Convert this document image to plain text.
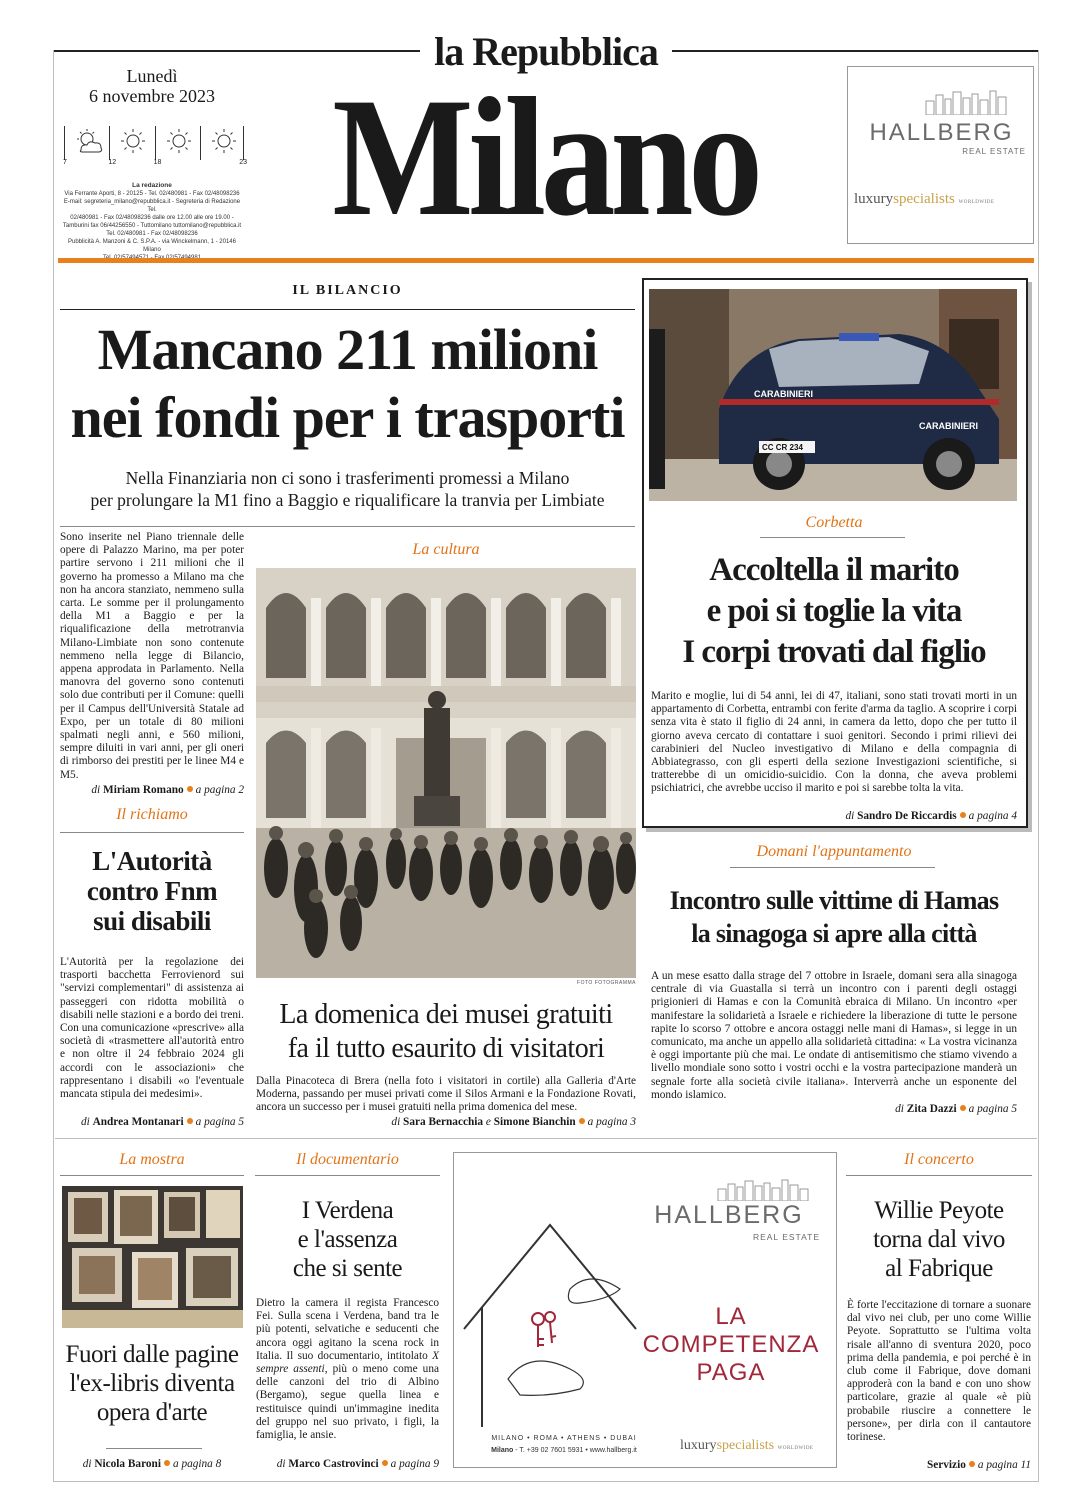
la Repubblica
Milano
Lunedì
6 novembre 2023
7	12	18	23
La redazione
Via Ferrante Aporti, 8 - 20125 - Tel. 02/480981 - Fax 02/48098236
E-mail: segreteria_milano@repubblica.it - Segreteria di Redazione Tel.
02/480981 - Fax 02/48098236 dalle ore 12.00 alle ore 19.00 -
Tamburini fax 06/44256550 - Tuttomilano tuttomilano@repubblica.it
Tel. 02/480981 - Fax 02/48098236
Pubblicità A. Manzoni & C. S.P.A. - via Winckelmann, 1 - 20146 Milano
HALLBERG
REAL ESTATE
luxuryspecialists WORLDWIDE
IL BILANCIO
Mancano 211 milioni
nei fondi per i trasporti
Nella Finanziaria non ci sono i trasferimenti promessi a Milano
per prolungare la M1 fino a Baggio e riqualificare la tranvia per Limbiate
Sono inserite nel Piano triennale delle opere di Palazzo Marino, ma per poter partire servono i 211 milioni che il governo ha promesso a Milano ma che non ha ancora stanziato, nemmeno sulla carta. Le somme per il prolungamento della M1 a Baggio e per la riqualificazione della metrotranvia Milano-Limbiate non sono contenute nemmeno nella legge di Bilancio, appena approdata in Parlamento. Nella manovra del governo sono contenuti solo due contributi per il Comune: quelli per il Campus dell'Università Statale ad Expo, per un totale di 80 milioni spalmati negli anni, e 560 milioni, sempre diluiti in vari anni, per gli oneri di rimborso dei prestiti per le linee M4 e M5.
di Miriam Romano a pagina 2
Il richiamo
L'Autorità
contro Fnm
sui disabili
L'Autorità per la regolazione dei trasporti bacchetta Ferrovienord sui "servizi complementari" di assistenza ai passeggeri con ridotta mobilità o disabili nelle stazioni e a bordo dei treni. Con una comunicazione «prescrive» alla società di «trasmettere all'autorità entro e non oltre il 24 febbraio 2024 gli accordi con le associazioni» che rappresentano i disabili «o l'eventuale mancata stipula dei medesimi».
di Andrea Montanari a pagina 5
La cultura
FOTO FOTOGRAMMA
La domenica dei musei gratuiti
fa il tutto esaurito di visitatori
Dalla Pinacoteca di Brera (nella foto i visitatori in cortile) alla Galleria d'Arte Moderna, passando per musei privati come il Silos Armani e la Fondazione Rovati, ancora un successo per i musei gratuiti nella prima domenica del mese.
di Sara Bernacchia e Simone Bianchin a pagina 3
CARABINIERI
CARABINIERI
CC CR 234
Corbetta
Accoltella il marito
e poi si toglie la vita
I corpi trovati dal figlio
Marito e moglie, lui di 54 anni, lei di 47, italiani, sono stati trovati morti in un appartamento di Corbetta, entrambi con ferite d'arma da taglio. A scoprire i corpi senza vita è stato il figlio di 24 anni, in camera da letto, dopo che per tutto il giorno aveva cercato di contattare i suoi genitori. Secondo i primi rilievi dei carabinieri del Nucleo investigativo di Milano e della compagnia di Abbiategrasso, con gli esperti della sezione Investigazioni scientifiche, si tratterebbe di un omicidio-suicidio. Con la donna, che aveva problemi psichiatrici, che avrebbe ucciso il marito e poi si sarebbe tolta la vita.
di Sandro De Riccardis a pagina 4
Domani l'appuntamento
Incontro sulle vittime di Hamas
la sinagoga si apre alla città
A un mese esatto dalla strage del 7 ottobre in Israele, domani sera alla sinagoga centrale di via Guastalla si terrà un incontro con i parenti degli ostaggi prigionieri di Hamas e con la Comunità ebraica di Milano. Un incontro «per manifestare la solidarietà a Israele e richiedere la liberazione di tutte le persone rapite lo scorso 7 ottobre e ancora ostaggi nelle mani di Hamas», si legge in un comunicato, ma anche un appello alla solidarietà cittadina: « La vostra vicinanza è oggi importante più che mai. Le ondate di antisemitismo che stiamo vivendo a livello mondiale sono sotto i vostri occhi e la vostra partecipazione manderà un segnale forte alla società civile italiana». Interverrà anche un esponente del mondo islamico.
di Zita Dazzi a pagina 5
La mostra
Fuori dalle pagine
l'ex-libris diventa
opera d'arte
di Nicola Baroni a pagina 8
Il documentario
I Verdena
e l'assenza
che si sente
Dietro la camera il regista Francesco Fei. Sulla scena i Verdena, band tra le più potenti, selvatiche e seducenti che ancora oggi agitano la scena rock in Italia. Il suo documentario, intitolato X sempre assenti, più o meno come una delle canzoni del trio di Albino (Bergamo), segue quella linea e restituisce quindi un'immagine inedita del gruppo nel suo privato, i figli, la famiglia, le ansie.
di Marco Castrovinci a pagina 9
HALLBERG
REAL ESTATE
LA
COMPETENZA
PAGA
MILANO • ROMA • ATHENS • DUBAI
Milano - T. +39 02 7601 5931 • www.hallberg.it	luxuryspecialists WORLDWIDE
Il concerto
Willie Peyote
torna dal vivo
al Fabrique
È forte l'eccitazione di tornare a suonare dal vivo nei club, per uno come Willie Peyote. Soprattutto se l'ultima volta risale all'anno di sventura 2020, poco prima della pandemia, e poi perché è in club come il Fabrique, dove domani approderà con la band e con uno show particolare, grazie al quale «è più probabile riuscire a connettere le persone», per dirla con il cantautore torinese.
Servizio a pagina 11
